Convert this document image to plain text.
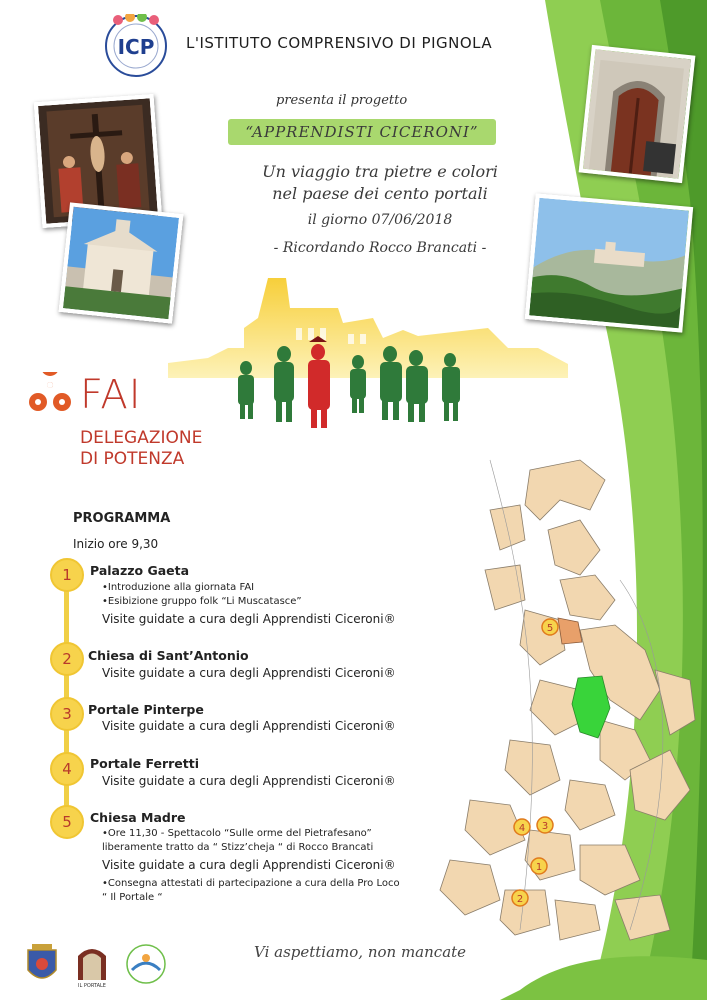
ICP L'ISTITUTO COMPRENSIVO DI PIGNOLA
presenta il progetto
“APPRENDISTI CICERONI”
Un viaggio tra pietre e colori
nel paese dei cento portali
il giorno 07/06/2018
- Ricordando Rocco Brancati -
FAI
DELEGAZIONE
DI POTENZA
5
4 3
1
2
PROGRAMMA
Inizio ore 9,30
1	Palazzo Gaeta
•Introduzione alla giornata FAI
•Esibizione gruppo folk “Li Muscatasce”
Visite guidate a cura degli Apprendisti Ciceroni®
2	Chiesa di Sant’Antonio
Visite guidate a cura degli Apprendisti Ciceroni®
3	Portale Pinterpe
Visite guidate a cura degli Apprendisti Ciceroni®
4	Portale Ferretti
Visite guidate a cura degli Apprendisti Ciceroni®
5	Chiesa Madre
•Ore 11,30 - Spettacolo “Sulle orme del Pietrafesano”
liberamente tratto da “ Stizz’cheja “ di Rocco Brancati
Visite guidate a cura degli Apprendisti Ciceroni®
•Consegna attestati di partecipazione a cura della Pro Loco
“ Il Portale “
IL PORTALE
Vi aspettiamo, non mancate
